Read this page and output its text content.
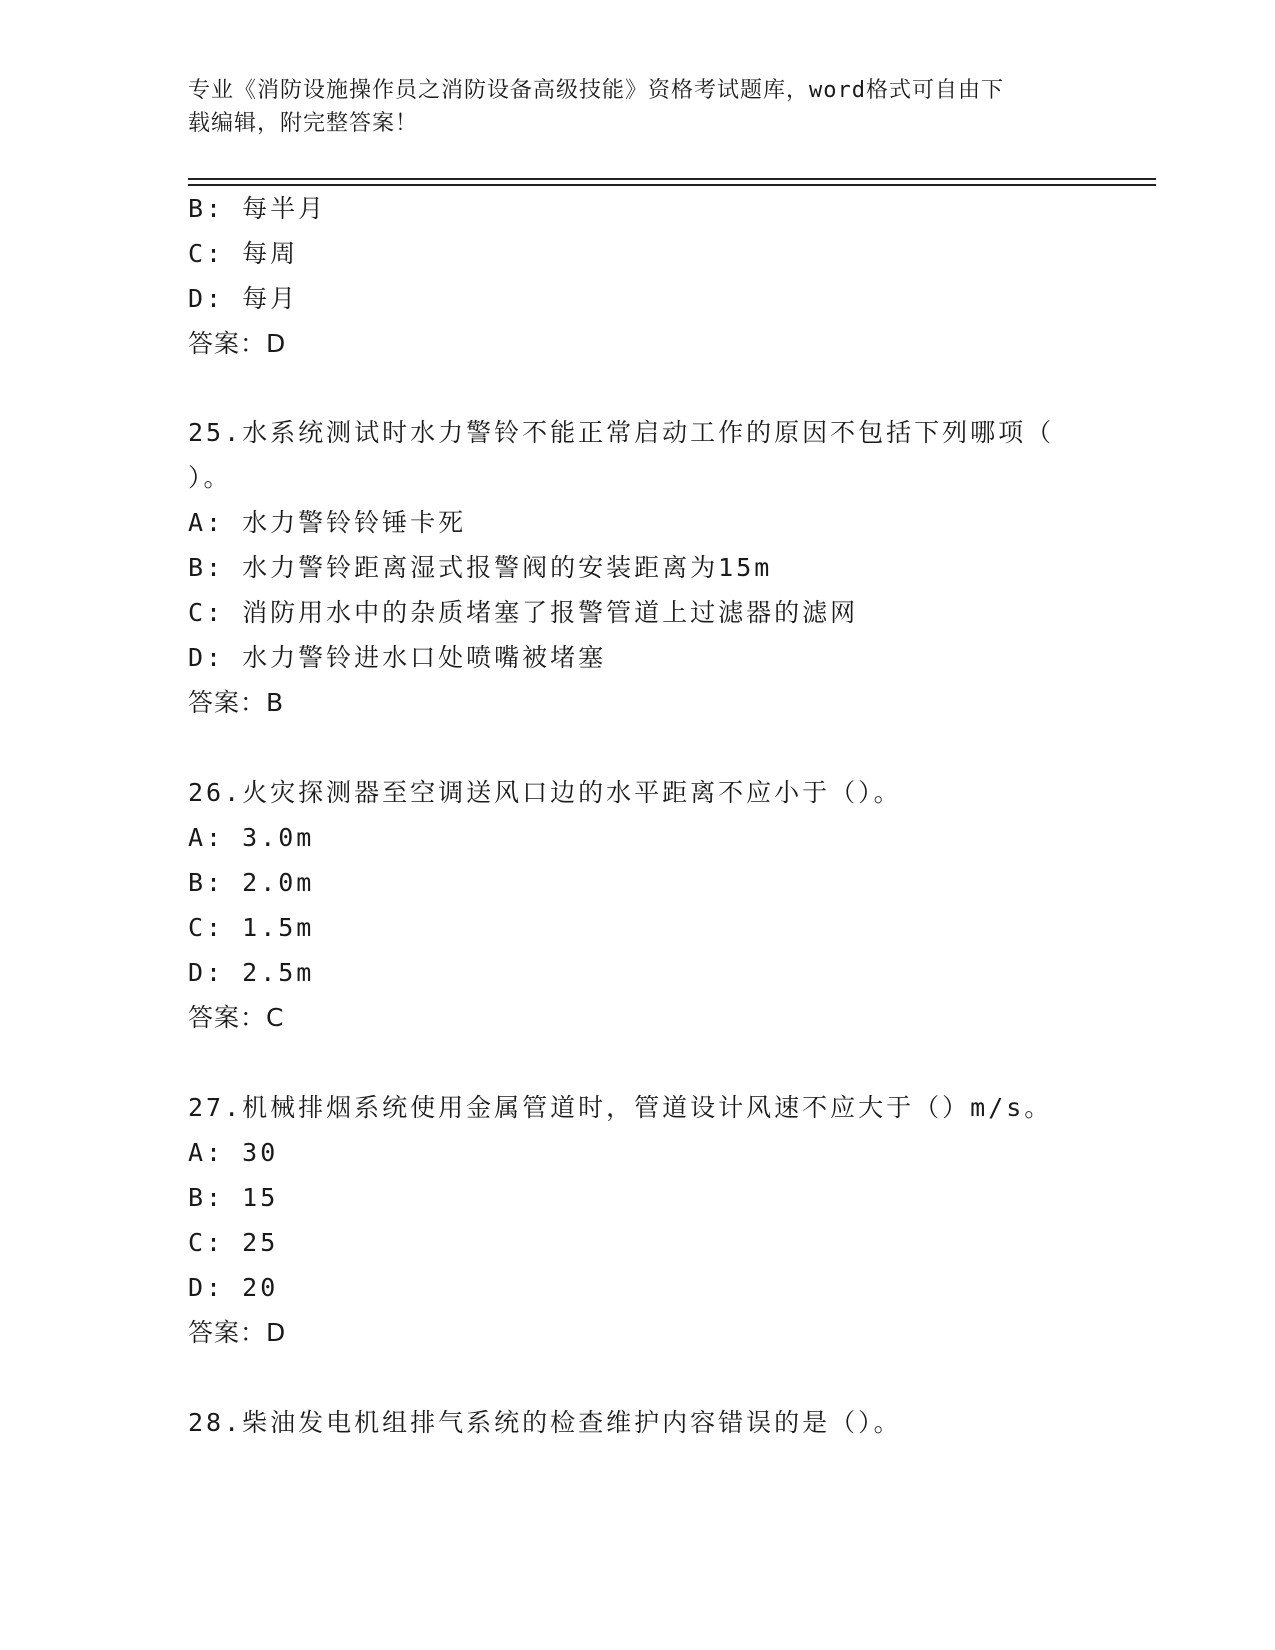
专业《消防设施操作员之消防设备高级技能》资格考试题库，word格式可自由下
载编辑，附完整答案！
B: 每半月
C: 每周
D: 每月
答案：D
25.水系统测试时水力警铃不能正常启动工作的原因不包括下列哪项（
）。
A: 水力警铃铃锤卡死
B: 水力警铃距离湿式报警阀的安装距离为15m
C: 消防用水中的杂质堵塞了报警管道上过滤器的滤网
D: 水力警铃进水口处喷嘴被堵塞
答案：B
26.火灾探测器至空调送风口边的水平距离不应小于（）。
A: 3.0m
B: 2.0m
C: 1.5m
D: 2.5m
答案：C
27.机械排烟系统使用金属管道时，管道设计风速不应大于（）m/s。
A: 30
B: 15
C: 25
D: 20
答案：D
28.柴油发电机组排气系统的检查维护内容错误的是（）。
